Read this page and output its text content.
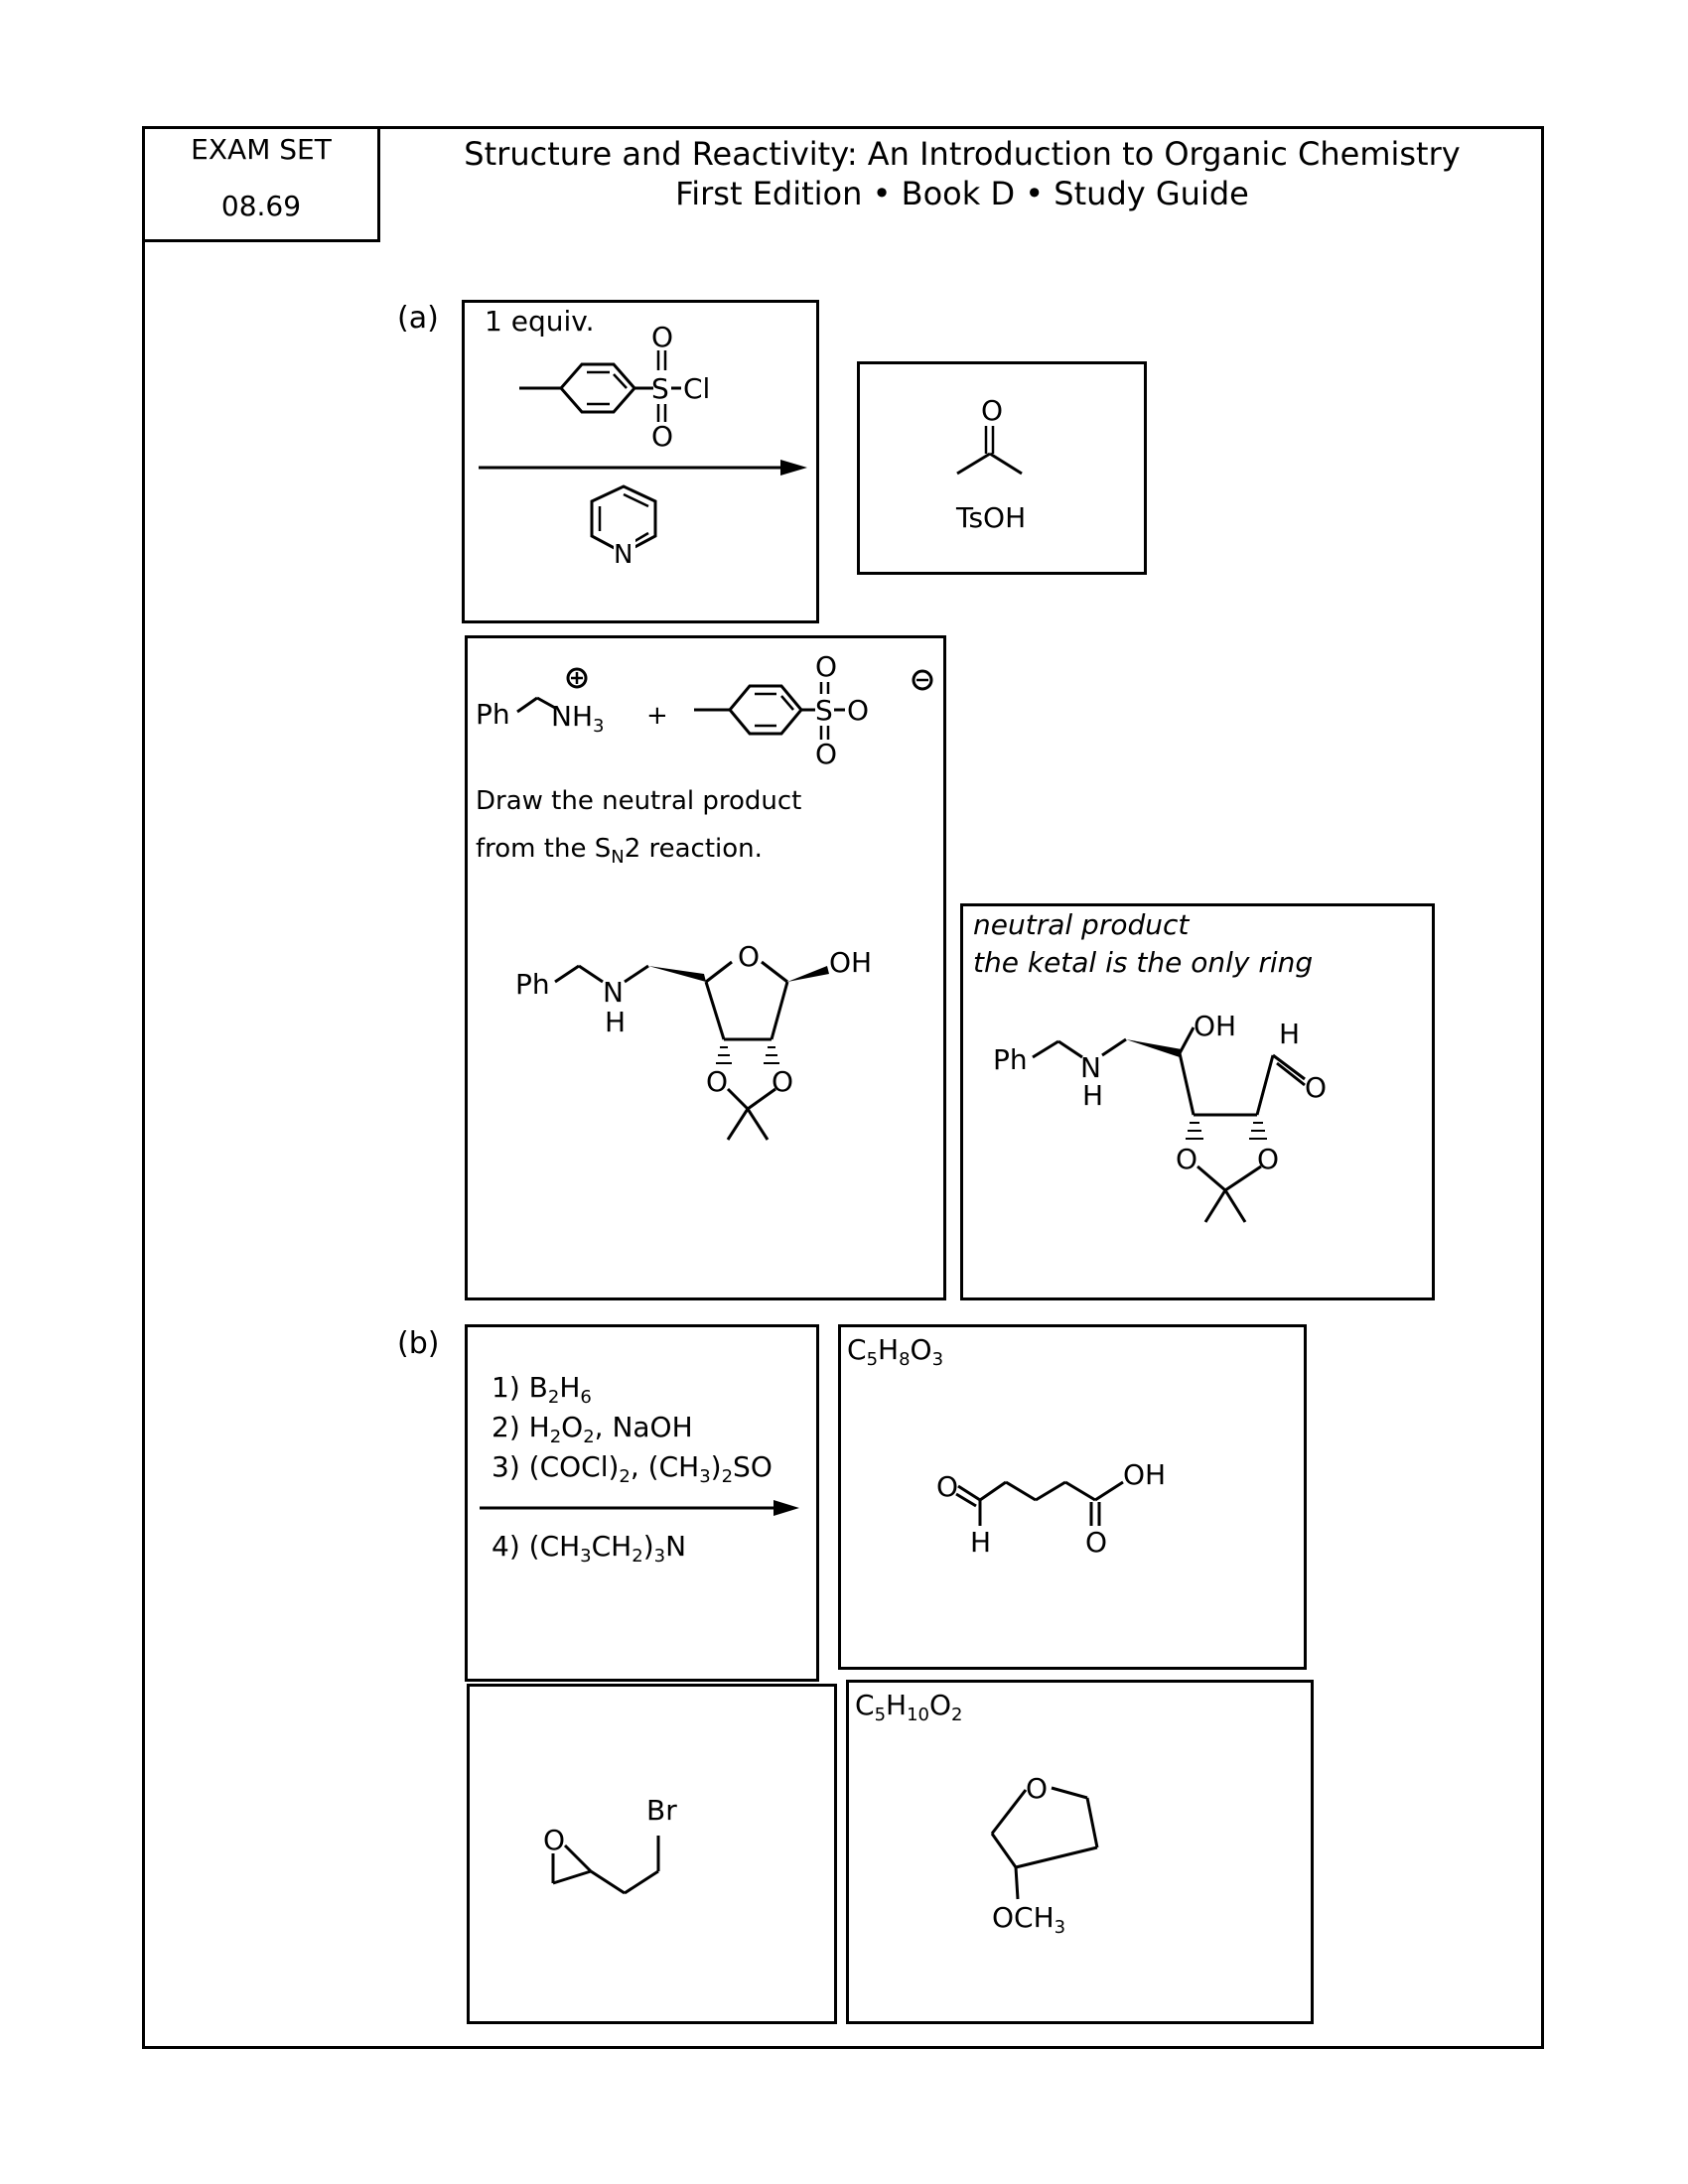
EXAM SET
08.69
Structure and Reactivity: An Introduction to Organic Chemistry
First Edition • Book D • Study Guide
(a) 1 equiv.
S Cl
O
O
N
O
TsOH
Ph $NH_3$ +	S O
O
O
Draw the neutral product
from the $S_N2$ reaction.
Ph N
H
O OH
O O
neutral product
the ketal is the only ring
Ph N
H
OH H
O
O O
(b)
1) $B_2H_6$
2) $H_2O_2$, NaOH
3) $(COCl)_2$, $(CH_3)_2SO$
4) $(CH_3CH_2)_3N$
$C_5H_8O_3$
O
H
OH
O
O
Br
$C_5H_{10}O_2$
O
$OCH_3$
